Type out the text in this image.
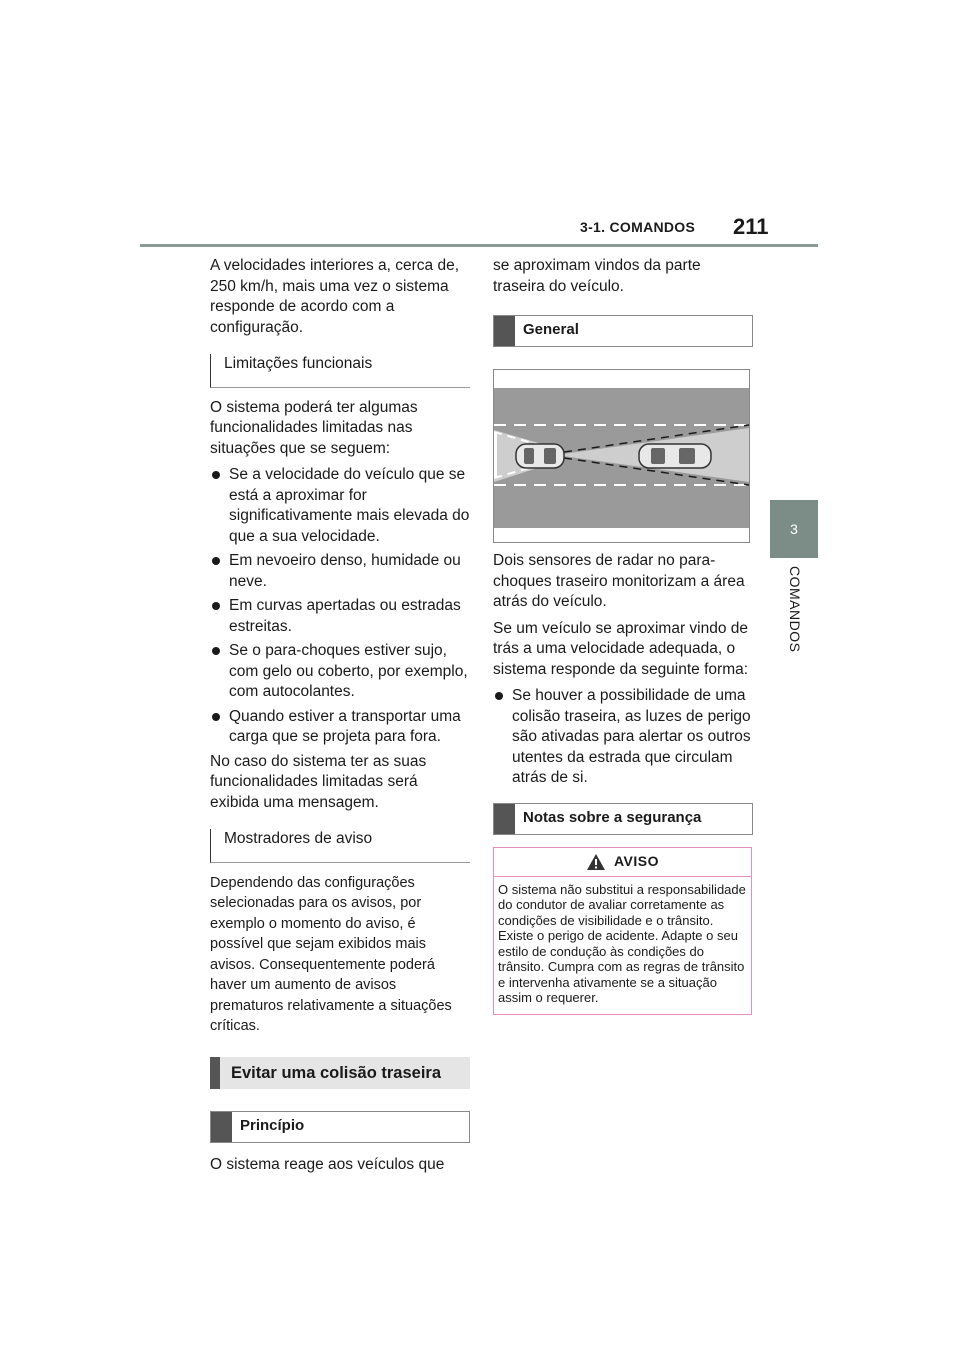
3-1. COMANDOS 211
3
COMANDOS

A velocidades interiores a, cerca de, 250 km/h, mais uma vez o sistema responde de acordo com a configuração.

Limitações funcionais

O sistema poderá ter algumas funcionalidades limitadas nas situações que se seguem:

Se a velocidade do veículo que se está a aproximar for significativamente mais elevada do que a sua velocidade.
Em nevoeiro denso, humidade ou neve.
Em curvas apertadas ou estradas estreitas.
Se o para-choques estiver sujo, com gelo ou coberto, por exemplo, com autocolantes.
Quando estiver a transportar uma carga que se projeta para fora.

No caso do sistema ter as suas funcionalidades limitadas será exibida uma mensagem.

Mostradores de aviso

Dependendo das configurações selecionadas para os avisos, por exemplo o momento do aviso, é possível que sejam exibidos mais avisos. Consequentemente poderá haver um aumento de avisos prematuros relativamente a situações críticas.

Evitar uma colisão traseira
Princípio

O sistema reage aos veículos que

se aproximam vindos da parte traseira do veículo.

General

Dois sensores de radar no para-choques traseiro monitorizam a área atrás do veículo.

Se um veículo se aproximar vindo de trás a uma velocidade adequada, o sistema responde da seguinte forma:

Se houver a possibilidade de uma colisão traseira, as luzes de perigo são ativadas para alertar os outros utentes da estrada que circulam atrás de si.
Notas sobre a segurança
AVISO
O sistema não substitui a responsabilidade do condutor de avaliar corretamente as condições de visibilidade e o trânsito. Existe o perigo de acidente. Adapte o seu estilo de condução às condições do trânsito. Cumpra com as regras de trânsito e intervenha ativamente se a situação assim o requerer.
